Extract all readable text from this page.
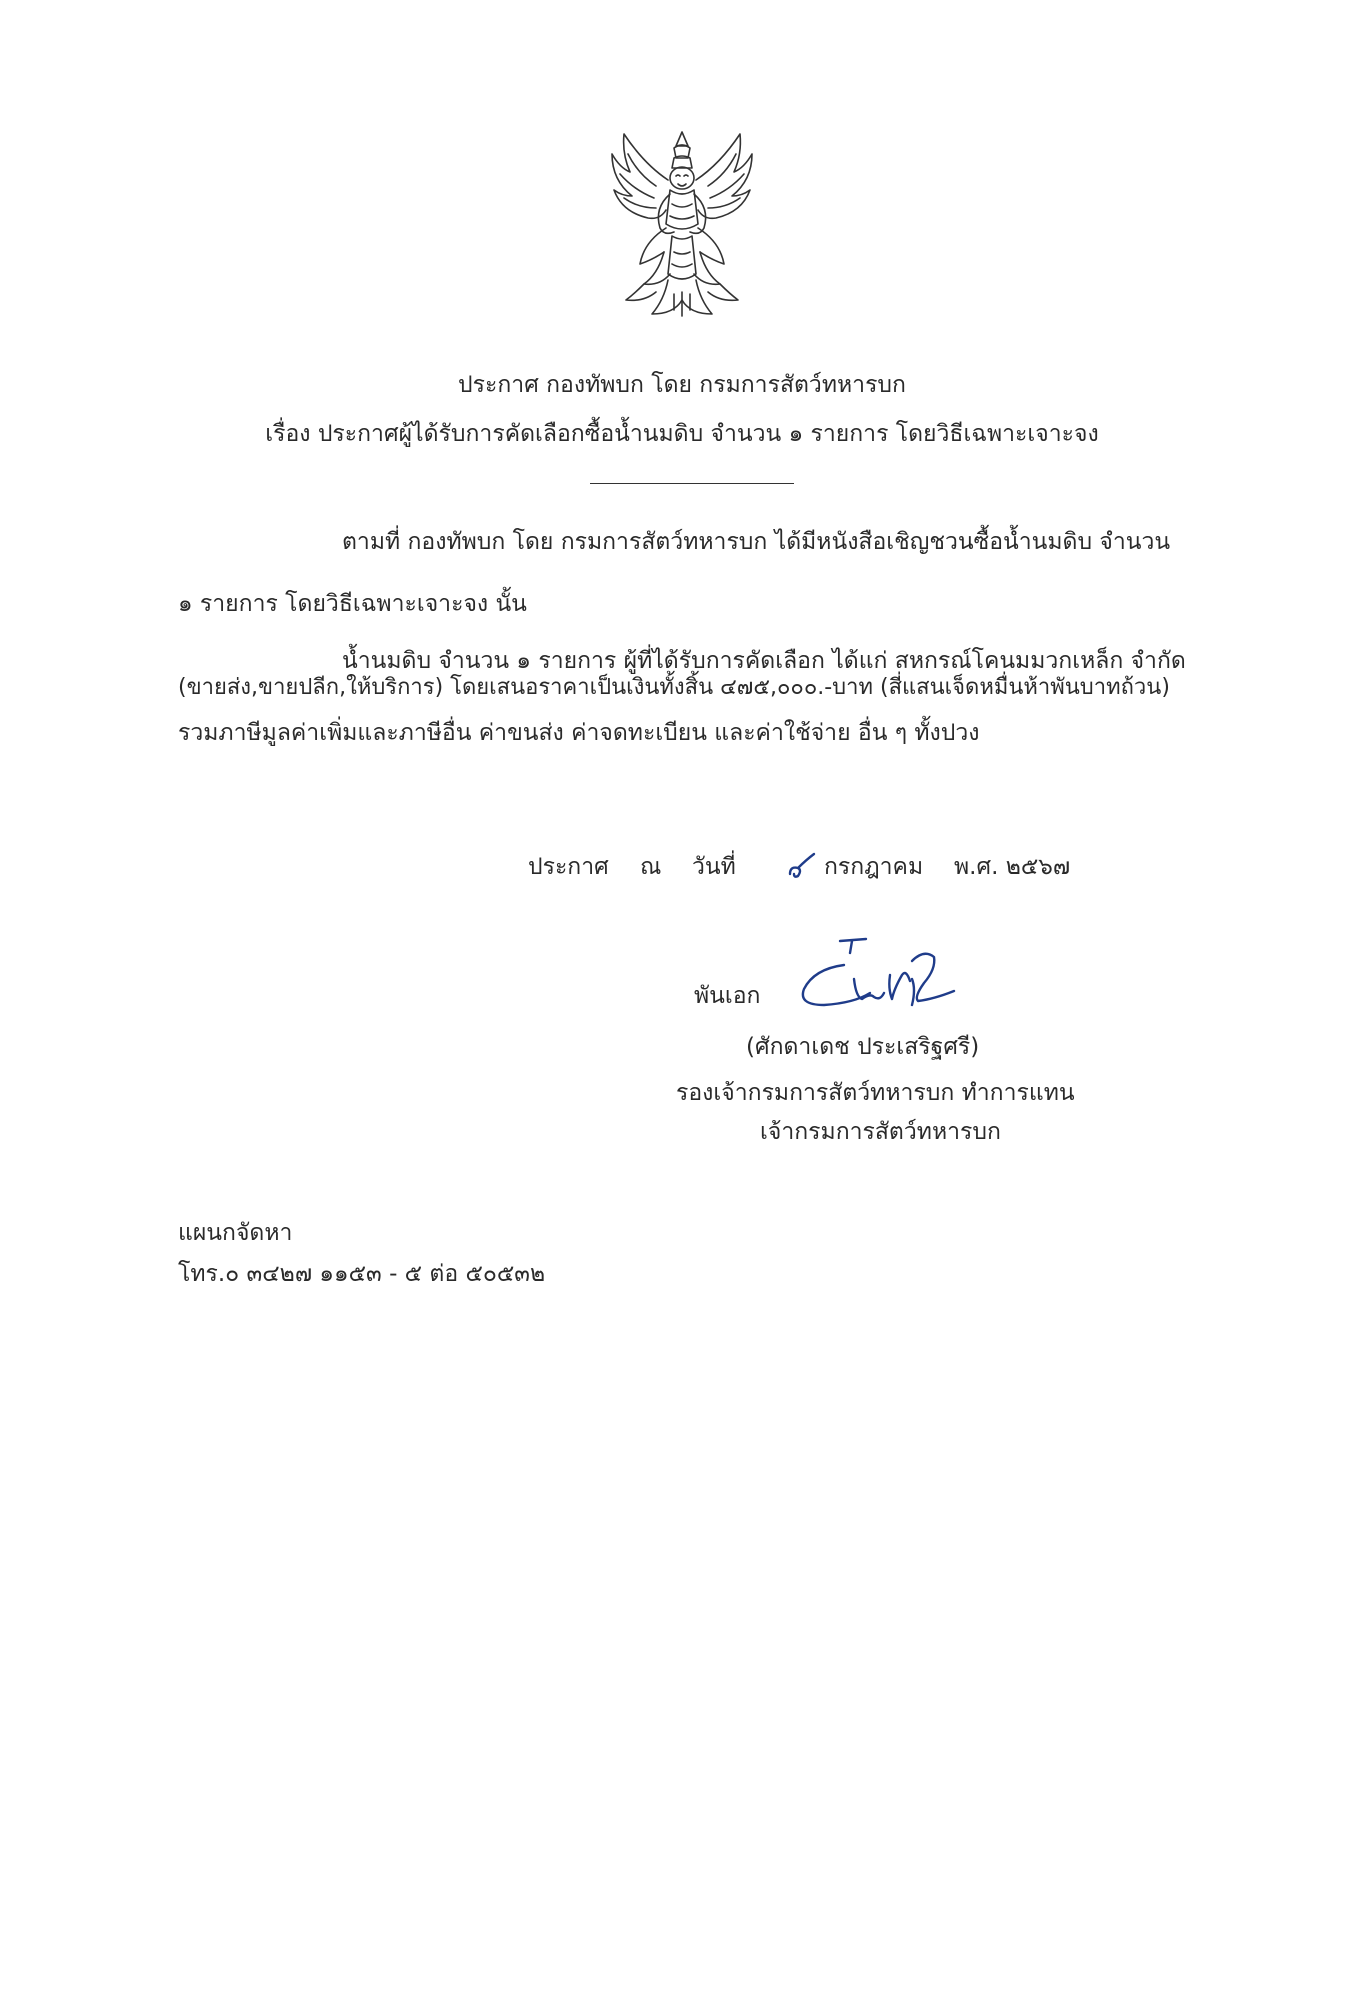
ประกาศ กองทัพบก โดย กรมการสัตว์ทหารบก
เรื่อง ประกาศผู้ได้รับการคัดเลือกซื้อน้ำนมดิบ จำนวน ๑ รายการ โดยวิธีเฉพาะเจาะจง
ตามที่ กองทัพบก โดย กรมการสัตว์ทหารบก ได้มีหนังสือเชิญชวนซื้อน้ำนมดิบ จำนวน
๑ รายการ โดยวิธีเฉพาะเจาะจง นั้น
น้ำนมดิบ จำนวน ๑ รายการ ผู้ที่ได้รับการคัดเลือก ได้แก่ สหกรณ์โคนมมวกเหล็ก จำกัด
(ขายส่ง,ขายปลีก,ให้บริการ) โดยเสนอราคาเป็นเงินทั้งสิ้น ๔๗๕,๐๐๐.-บาท (สี่แสนเจ็ดหมื่นห้าพันบาทถ้วน)
รวมภาษีมูลค่าเพิ่มและภาษีอื่น ค่าขนส่ง ค่าจดทะเบียน และค่าใช้จ่าย อื่น ๆ ทั้งปวง
ประกาศ ณ วันที่	กรกฎาคม พ.ศ. ๒๕๖๗
พันเอก
(ศักดาเดช ประเสริฐศรี)
รองเจ้ากรมการสัตว์ทหารบก ทำการแทน
เจ้ากรมการสัตว์ทหารบก
แผนกจัดหา
โทร.๐ ๓๔๒๗ ๑๑๕๓ - ๕ ต่อ ๕๐๕๓๒
